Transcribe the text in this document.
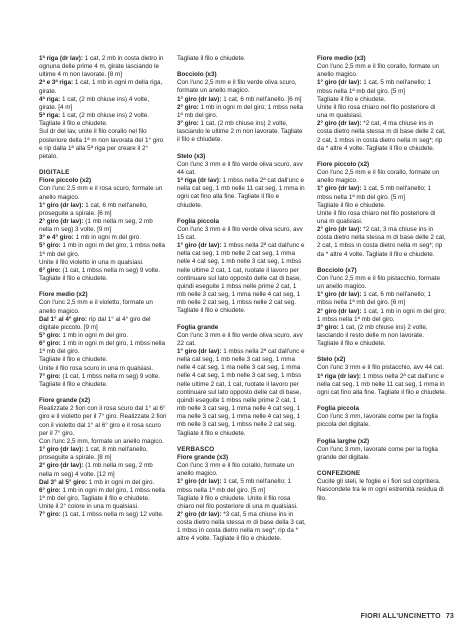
1ª riga (dr lav): 1 cat, 2 mb in costa dietro in ognuna delle prime 4 m, girate lasciando le ultime 4 m non lavorate. [8 m]

2ª e 3ª riga: 1 cat, 1 mb in ogni m della riga, girate.

4ª riga: 1 cat, (2 mb chiuse ins) 4 volte, girate. [4 m]

5ª riga: 1 cat, (2 mb chiuse ins) 2 volte. Tagliate il filo e chiudete.

Sul dr del lav, unite il filo corallo nel filo posteriore della 1ª m non lavorata del 1° giro e rip dalla 1ª alla 5ª riga per creare il 2° petalo.

DIGITALE

Fiore piccolo (x2)

Con l'unc 2,5 mm e il rosa scuro, formate un anello magico.

1° giro (dr lav): 1 cat, 6 mb nell'anello, proseguite a spirale. [6 m]

2° giro (dr lav): (1 mb nella m seg, 2 mb nella m seg) 3 volte. [9 m]

3° e 4° giro: 1 mb in ogni m del giro.

5° giro: 1 mb in ogni m del giro, 1 mbss nella 1ª mb del giro.

Unite il filo violetto in una m qualsiasi.

6° giro: (1 cat, 1 mbss nella m seg) 9 volte. Tagliate il filo e chiudete.

Fiore medio (x2)

Con l'unc 2,5 mm e il violetto, formate un anello magico.

Dal 1° al 4° giro: rip dal 1° al 4° giro del digitale piccolo. [9 m]

5° giro: 1 mb in ogni m del giro.

6° giro: 1 mb in ogni m del giro, 1 mbss nella 1ª mb del giro.

Tagliate il filo e chiudete.

Unite il filo rosa scuro in una m qualsiasi.

7° giro: (1 cat, 1 mbss nella m seg) 9 volte. Tagliate il filo e chiudete.

Fiore grande (x2)

Realizzate 2 fiori con il rosa scuro dal 1° al 6° giro e il violetto per il 7° giro. Realizzate 2 fiori con il violetto dal 1° al 6° giro e il rosa scuro per il 7° giro.

Con l'unc 2,5 mm, formate un anello magico.

1° giro (dr lav): 1 cat, 8 mb nell'anello, proseguite a spirale. [8 m]

2° giro (dr lav): (1 mb nella m seg, 2 mb nella m seg) 4 volte. [12 m]

Dal 3° al 5° giro: 1 mb in ogni m del giro.

6° giro: 1 mb in ogni m del giro, 1 mbss nella 1ª mb del giro. Tagliate il filo e chiudete.

Unite il 2° colore in una m qualsiasi.

7° giro: (1 cat, 1 mbss nella m seg) 12 volte.

Tagliate il filo e chiudete.

Bocciolo (x3)

Con l'unc 2,5 mm e il filo verde oliva scuro, formate un anello magico.

1° giro (dr lav): 1 cat, 6 mb nell'anello. [6 m]

2° giro: 1 mb in ogni m del giro; 1 mbss nella 1ª mb del giro.

3° giro: 1 cat, (2 mb chiuse ins) 2 volte, lasciando le ultime 2 m non lavorate. Tagliate il filo e chiudete.

Stelo (x3)

Con l'unc 3 mm e il filo verde oliva scuro, avv 44 cat.

1ª riga (dr lav): 1 mbss nella 2ª cat dall'unc e nella cat seg, 1 mb nelle 11 cat seg, 1 mma in ogni cat fino alla fine. Tagliate il filo e chiudete.

Foglia piccola

Con l'unc 3 mm e il filo verde oliva scuro, avv 15 cat.

1° giro (dr lav): 1 mbss nella 2ª cat dall'unc e nella cat seg, 1 mb nelle 2 cat seg, 1 mma nelle 4 cat seg, 1 mb nelle 3 cat seg, 1 mbss nelle ultime 2 cat, 1 cat, ruotate il lavoro per continuare sul lato opposto delle cat di base, quindi eseguite 1 mbss nelle prime 2 cat, 1 mb nelle 3 cat seg, 1 mma nelle 4 cat seg, 1 mb nelle 2 cat seg, 1 mbss nelle 2 cat seg. Tagliate il filo e chiudete.

Foglia grande

Con l'unc 3 mm e il filo verde oliva scuro, avv 22 cat.

1° giro (dr lav): 1 mbss nella 2ª cat dall'unc e nella cat seg, 1 mb nelle 3 cat seg, 1 mma nelle 4 cat seg, 1 ma nelle 3 cat seg, 1 mma nelle 4 cat seg, 1 mb nelle 3 cat seg, 1 mbss nelle ultime 2 cat, 1 cat, ruotate il lavoro per continuare sul lato opposto delle cat di base, quindi eseguite 1 mbss nelle prime 2 cat, 1 mb nelle 3 cat seg, 1 mma nelle 4 cat seg, 1 ma nelle 3 cat seg, 1 mma nelle 4 cat seg, 1 mb nelle 3 cat seg, 1 mbss nelle 2 cat seg. Tagliate il filo e chiudete.

VERBASCO

Fiore grande (x3)

Con l'unc 3 mm e il filo corallo, formate un anello magico.

1° giro (dr lav): 1 cat, 5 mb nell'anello; 1 mbss nella 1ª mb del giro. [5 m]

Tagliate il filo e chiudete. Unite il filo rosa chiaro nel filo posteriore di una m qualsiasi.

2° giro (dr lav): *3 cat, 5 ma chiuse ins in costa dietro nella stessa m di base della 3 cat, 1 mbss in costa dietro nella m seg*; rip da * altre 4 volte. Tagliate il filo e chiudete.

Fiore medio (x3)

Con l'unc 2,5 mm e il filo corallo, formate un anello magico.

1° giro (dr lav): 1 cat, 5 mb nell'anello; 1 mbss nella 1ª mb del giro. [5 m]

Tagliate il filo e chiudete.

Unite il filo rosa chiaro nel filo posteriore di una m qualsiasi.

2° giro (dr lav): *2 cat, 4 ma chiuse ins in costa dietro nella stessa m di base delle 2 cat, 2 cat, 1 mbss in costa dietro nella m seg*; rip da * altre 4 volte. Tagliate il filo e chiudete.

Fiore piccolo (x2)

Con l'unc 2,5 mm e il filo corallo, formate un anello magico.

1° giro (dr lav): 1 cat, 5 mb nell'anello; 1 mbss nella 1ª mb del giro. [5 m]

Tagliate il filo e chiudete.

Unite il filo rosa chiaro nel filo posteriore di una m qualsiasi.

2° giro (dr lav): *2 cat, 3 ma chiuse ins in costa dietro nella stessa m di base delle 2 cat, 2 cat, 1 mbss in costa dietro nella m seg*; rip da * altre 4 volte. Tagliate il filo e chiudete.

Bocciolo (x7)

Con l'unc 2,5 mm e il filo pistacchio, formate un anello magico.

1° giro (dr lav): 1 cat, 6 mb nell'anello; 1 mbss nella 1ª mb del giro. [6 m]

2° giro (dr lav): 1 cat, 1 mb in ogni m del giro; 1 mbss nella 1ª mb del giro.

3° giro: 1 cat, (2 mb chiuse ins) 2 volte, lasciando il resto delle m non lavorate. Tagliate il filo e chiudete.

Stelo (x2)

Con l'unc 3 mm e il filo pistacchio, avv 44 cat.

1ª riga (dr lav): 1 mbss nella 2ª cat dall'unc e nella cat seg, 1 mb nelle 11 cat seg, 1 mma in ogni cat fino alla fine. Tagliate il filo e chiudete.

Foglia piccola

Con l'unc 3 mm, lavorate come per la foglia piccola del digitale.

Foglia larghe (x2)

Con l'unc 3 mm, lavorate come per la foglia grande del digitale.

CONFEZIONE

Cucite gli steli, le foglie e i fiori sul copritiera.

Nascondete tra le m ogni estremità residua di filo.

FIORI ALL'UNCINETTO 73
